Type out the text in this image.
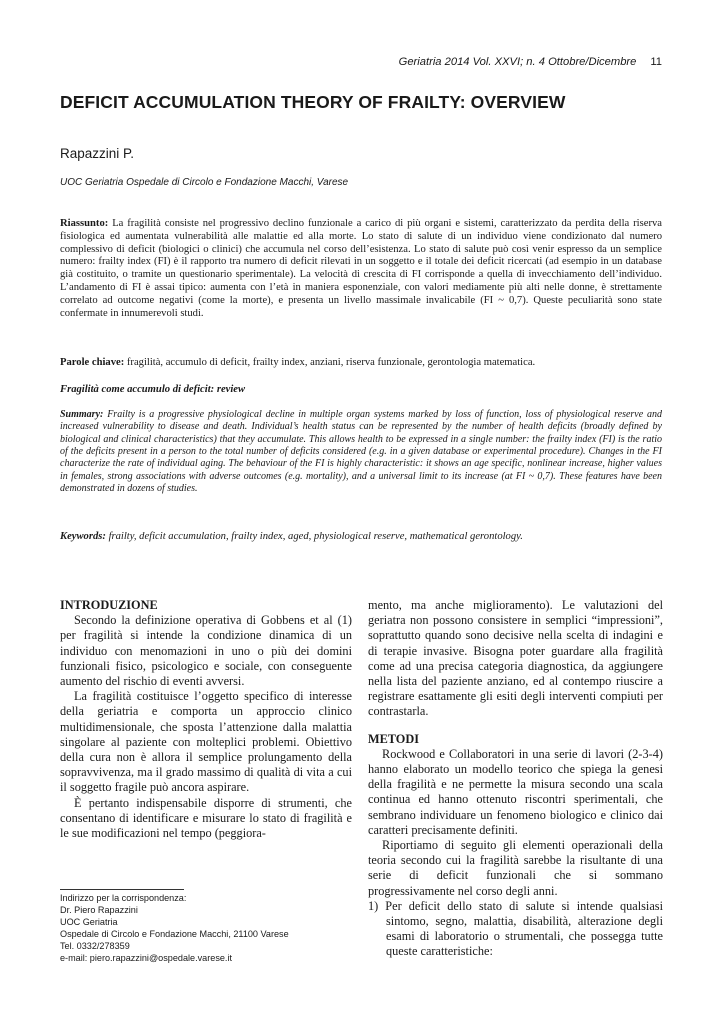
Geriatria 2014 Vol. XXVI; n. 4 Ottobre/Dicembre 11
DEFICIT ACCUMULATION THEORY OF FRAILTY: OVERVIEW
Rapazzini P.
UOC Geriatria Ospedale di Circolo e Fondazione Macchi, Varese

Riassunto: La fragilità consiste nel progressivo declino funzionale a carico di più organi e sistemi, caratterizzato da perdita della riserva fisiologica ed aumentata vulnerabilità alle malattie ed alla morte. Lo stato di salute di un individuo viene condizionato dal numero complessivo di deficit (biologici o clinici) che accumula nel corso dell’esistenza. Lo stato di salute può così venir espresso da un semplice numero: frailty index (FI) è il rapporto tra numero di deficit rilevati in un soggetto e il totale dei deficit ricercati (ad esempio in un database già costituito, o tramite un questionario sperimentale). La velocità di crescita di FI corrisponde a quella di invecchiamento dell’individuo. L’andamento di FI è assai tipico: aumenta con l’età in maniera esponenziale, con valori mediamente più alti nelle donne, è strettamente correlato ad outcome negativi (come la morte), e presenta un livello massimale invalicabile (FI ~ 0,7). Queste peculiarità sono state confermate in innumerevoli studi.

Parole chiave: fragilità, accumulo di deficit, frailty index, anziani, riserva funzionale, gerontologia matematica.
Fragilità come accumulo di deficit: review
Summary: Frailty is a progressive physiological decline in multiple organ systems marked by loss of function, loss of physiological reserve and increased vulnerability to disease and death. Individual’s health status can be represented by the number of health deficits (broadly defined by biological and clinical characteristics) that they accumulate. This allows health to be expressed in a single number: the frailty index (FI) is the ratio of the deficits present in a person to the total number of deficits considered (e.g. in a given database or experimental procedure). Changes in the FI characterize the rate of individual aging. The behaviour of the FI is highly characteristic: it shows an age specific, nonlinear increase, higher values in females, strong associations with adverse outcomes (e.g. mortality), and a universal limit to its increase (at FI ~ 0,7). These features have been demonstrated in dozens of studies.
Keywords: frailty, deficit accumulation, frailty index, aged, physiological reserve, mathematical gerontology.

INTRODUZIONE

Secondo la definizione operativa di Gobbens et al (1) per fragilità si intende la condizione dinamica di un individuo con menomazioni in uno o più dei domini funzionali fisico, psicologico e sociale, con conseguente aumento del rischio di eventi avversi.

La fragilità costituisce l’oggetto specifico di interesse della geriatria e comporta un approccio clinico multidimensionale, che sposta l’attenzione dalla malattia singolare al paziente con molteplici problemi. Obiettivo della cura non è allora il semplice prolungamento della sopravvivenza, ma il grado massimo di qualità di vita a cui il soggetto fragile può ancora aspirare.

È pertanto indispensabile disporre di strumenti, che consentano di identificare e misurare lo stato di fragilità e le sue modificazioni nel tempo (peggiora-

mento, ma anche miglioramento). Le valutazioni del geriatra non possono consistere in semplici “impressioni”, soprattutto quando sono decisive nella scelta di indagini e di terapie invasive. Bisogna poter guardare alla fragilità come ad una precisa categoria diagnostica, da aggiungere nella lista del paziente anziano, ed al contempo riuscire a registrare esattamente gli esiti degli interventi compiuti per contrastarla.

METODI

Rockwood e Collaboratori in una serie di lavori (2-3-4) hanno elaborato un modello teorico che spiega la genesi della fragilità e ne permette la misura secondo una scala continua ed hanno ottenuto riscontri sperimentali, che sembrano individuare un fenomeno biologico e clinico dai caratteri precisamente definiti.

Riportiamo di seguito gli elementi operazionali della teoria secondo cui la fragilità sarebbe la risultante di una serie di deficit funzionali che si sommano progressivamente nel corso degli anni.

1) Per deficit dello stato di salute si intende qualsiasi sintomo, segno, malattia, disabilità, alterazione degli esami di laboratorio o strumentali, che possegga tutte queste caratteristiche:

Indirizzo per la corrispondenza:
Dr. Piero Rapazzini
UOC Geriatria
Ospedale di Circolo e Fondazione Macchi, 21100 Varese
Tel. 0332/278359
e-mail: piero.rapazzini@ospedale.varese.it
